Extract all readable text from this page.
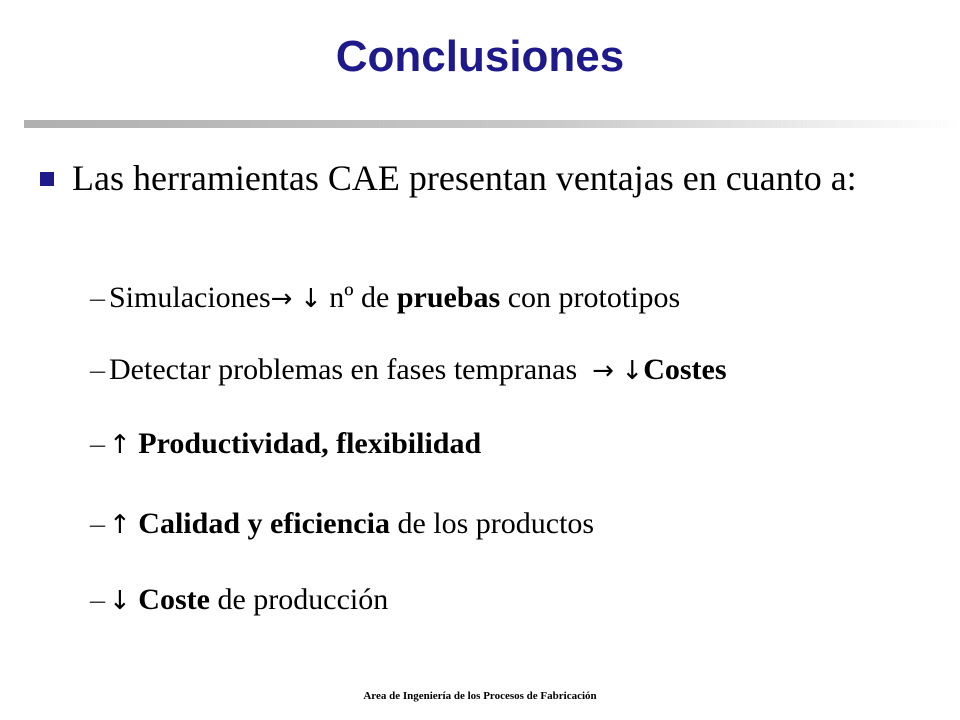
Conclusiones
Las herramientas CAE presentan ventajas en cuanto a:
– Simulaciones→ ↓ nº de pruebas con prototipos
– Detectar problemas en fases tempranas  → ↓Costes
– ↑ Productividad, flexibilidad
– ↑ Calidad y eficiencia de los productos
– ↓ Coste de producción
Area de Ingeniería de los Procesos de Fabricación
